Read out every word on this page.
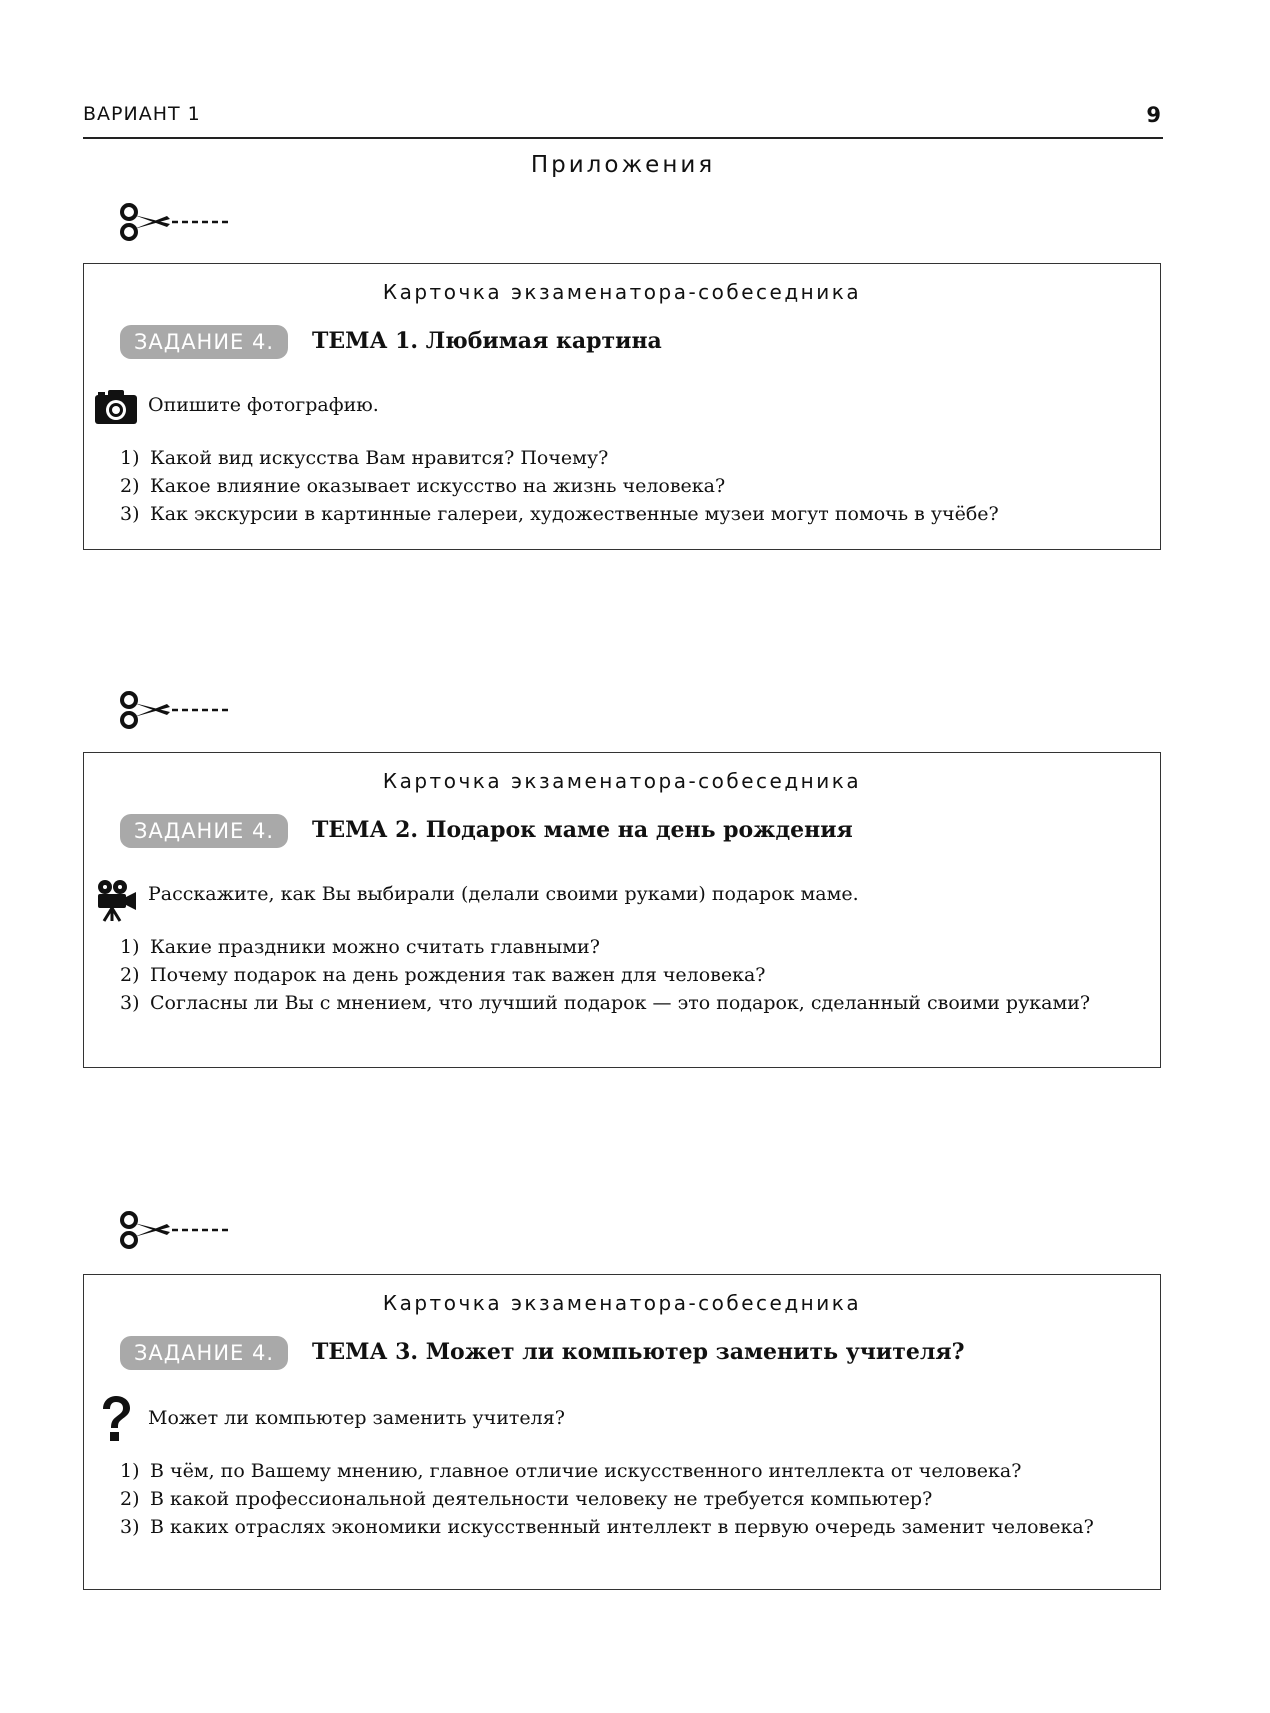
ВАРИАНТ 1	9
Приложения
Карточка экзаменатора-собеседника
ЗАДАНИЕ 4.	ТЕМА 1. Любимая картина
Опишите фотографию.
1) Какой вид искусства Вам нравится? Почему?
2) Какое влияние оказывает искусство на жизнь человека?
3) Как экскурсии в картинные галереи, художественные музеи могут помочь в учёбе?
Карточка экзаменатора-собеседника
ЗАДАНИЕ 4.	ТЕМА 2. Подарок маме на день рождения
Расскажите, как Вы выбирали (делали своими руками) подарок маме.
1) Какие праздники можно считать главными?
2) Почему подарок на день рождения так важен для человека?
3) Согласны ли Вы с мнением, что лучший подарок — это подарок, сделанный своими руками?
Карточка экзаменатора-собеседника
ЗАДАНИЕ 4.	ТЕМА 3. Может ли компьютер заменить учителя?
Может ли компьютер заменить учителя?
1) В чём, по Вашему мнению, главное отличие искусственного интеллекта от человека?
2) В какой профессиональной деятельности человеку не требуется компьютер?
3) В каких отраслях экономики искусственный интеллект в первую очередь заменит человека?
